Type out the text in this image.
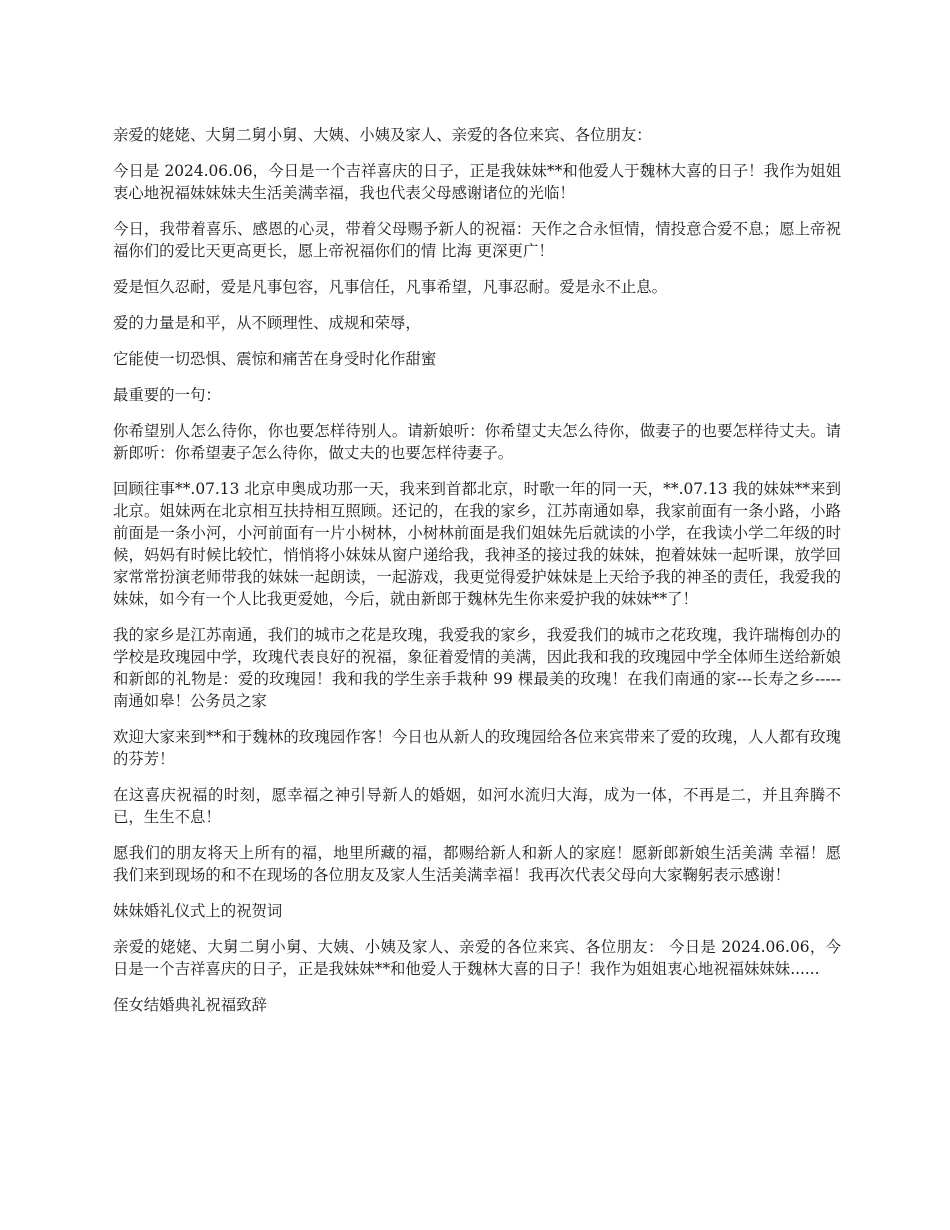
亲爱的姥姥、大舅二舅小舅、大姨、小姨及家人、亲爱的各位来宾、各位朋友：

今日是 2024.06.06，今日是一个吉祥喜庆的日子，正是我妹妹**和他爱人于魏林大喜的日子！我作为姐姐衷心地祝福妹妹妹夫生活美满幸福，我也代表父母感谢诸位的光临！

今日，我带着喜乐、感恩的心灵，带着父母赐予新人的祝福：天作之合永恒情，情投意合爱不息；愿上帝祝福你们的爱比天更高更长，愿上帝祝福你们的情 比海 更深更广！

爱是恒久忍耐，爱是凡事包容，凡事信任，凡事希望，凡事忍耐。爱是永不止息。

爱的力量是和平，从不顾理性、成规和荣辱，

它能使一切恐惧、震惊和痛苦在身受时化作甜蜜

最重要的一句：

你希望别人怎么待你，你也要怎样待别人。请新娘听：你希望丈夫怎么待你，做妻子的也要怎样待丈夫。请新郎听：你希望妻子怎么待你，做丈夫的也要怎样待妻子。

回顾往事**.07.13 北京申奥成功那一天，我来到首都北京，时歌一年的同一天，**.07.13 我的妹妹**来到北京。姐妹两在北京相互扶持相互照顾。还记的，在我的家乡，江苏南通如皋，我家前面有一条小路，小路前面是一条小河，小河前面有一片小树林，小树林前面是我们姐妹先后就读的小学，在我读小学二年级的时候，妈妈有时候比较忙，悄悄将小妹妹从窗户递给我，我神圣的接过我的妹妹，抱着妹妹一起听课，放学回家常常扮演老师带我的妹妹一起朗读，一起游戏，我更觉得爱护妹妹是上天给予我的神圣的责任，我爱我的妹妹，如今有一个人比我更爱她，今后，就由新郎于魏林先生你来爱护我的妹妹**了！

我的家乡是江苏南通，我们的城市之花是玫瑰，我爱我的家乡，我爱我们的城市之花玫瑰，我许瑞梅创办的学校是玫瑰园中学，玫瑰代表良好的祝福，象征着爱情的美满，因此我和我的玫瑰园中学全体师生送给新娘和新郎的礼物是：爱的玫瑰园！我和我的学生亲手栽种 99 棵最美的玫瑰！在我们南通的家---长寿之乡-----南通如皋！公务员之家

欢迎大家来到**和于魏林的玫瑰园作客！今日也从新人的玫瑰园给各位来宾带来了爱的玫瑰，人人都有玫瑰的芬芳！

在这喜庆祝福的时刻，愿幸福之神引导新人的婚姻，如河水流归大海，成为一体，不再是二，并且奔腾不已，生生不息！

愿我们的朋友将天上所有的福，地里所藏的福，都赐给新人和新人的家庭！愿新郎新娘生活美满 幸福！愿我们来到现场的和不在现场的各位朋友及家人生活美满幸福！我再次代表父母向大家鞠躬表示感谢！

妹妹婚礼仪式上的祝贺词

亲爱的姥姥、大舅二舅小舅、大姨、小姨及家人、亲爱的各位来宾、各位朋友： 今日是 2024.06.06，今日是一个吉祥喜庆的日子，正是我妹妹**和他爱人于魏林大喜的日子！我作为姐姐衷心地祝福妹妹妹......

侄女结婚典礼祝福致辞
